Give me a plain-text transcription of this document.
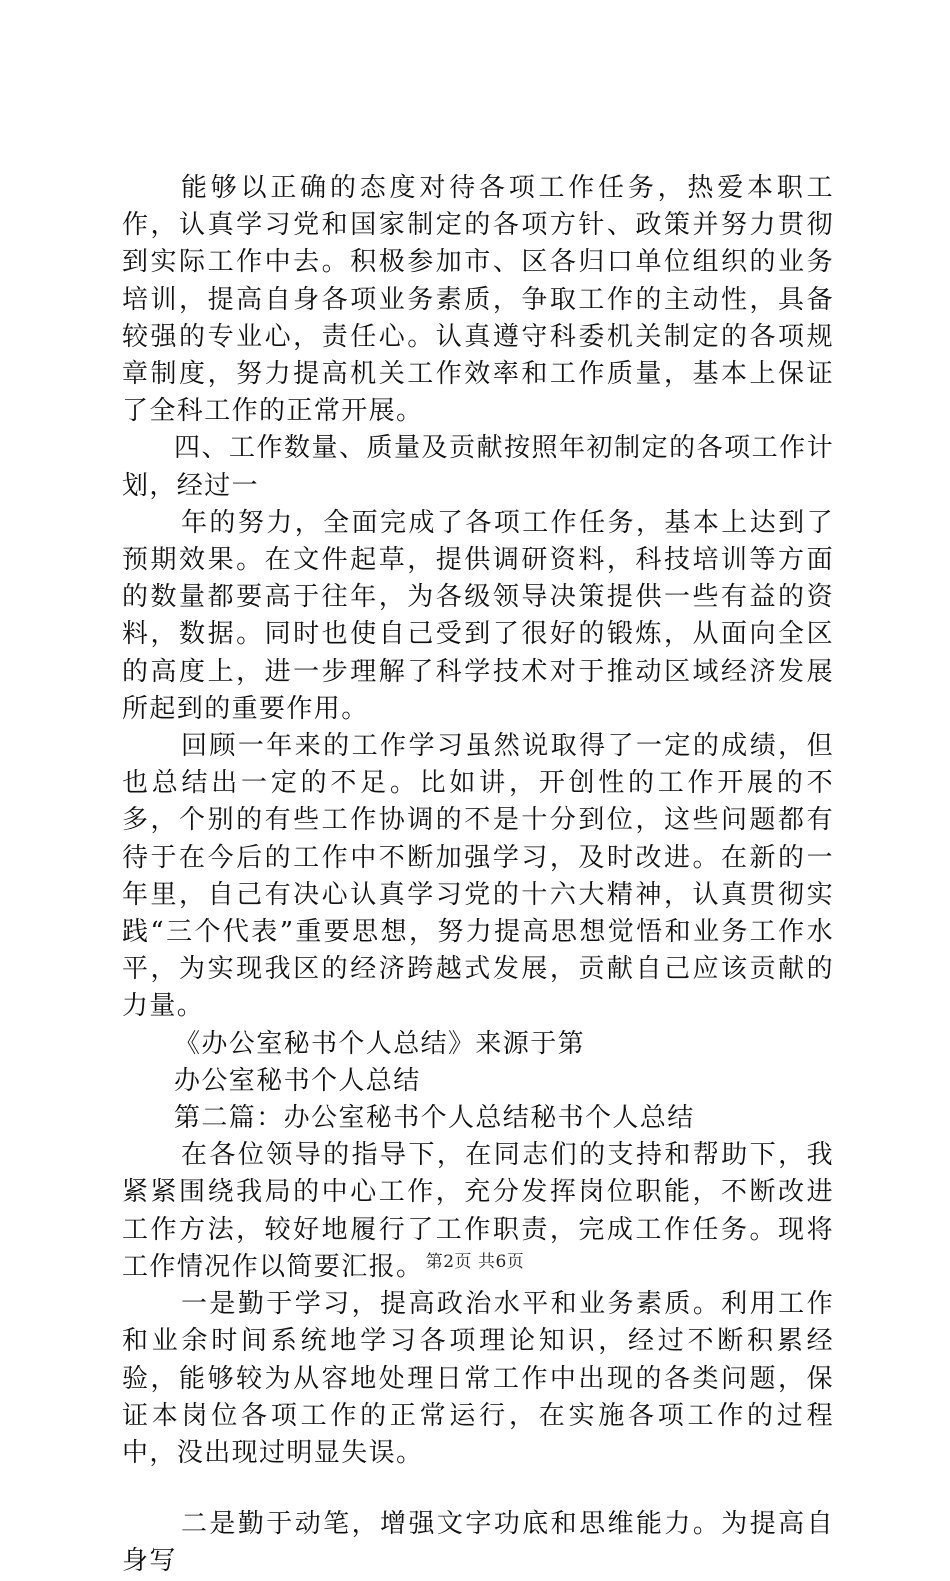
能够以正确的态度对待各项工作任务，热爱本职工作，认真学习党和国家制定的各项方针、政策并努力贯彻到实际工作中去。积极参加市、区各归口单位组织的业务培训，提高自身各项业务素质，争取工作的主动性，具备较强的专业心，责任心。认真遵守科委机关制定的各项规章制度，努力提高机关工作效率和工作质量，基本上保证了全科工作的正常开展。

四、工作数量、质量及贡献按照年初制定的各项工作计划，经过一

年的努力，全面完成了各项工作任务，基本上达到了预期效果。在文件起草，提供调研资料，科技培训等方面的数量都要高于往年，为各级领导决策提供一些有益的资料，数据。同时也使自己受到了很好的锻炼，从面向全区的高度上，进一步理解了科学技术对于推动区域经济发展所起到的重要作用。

回顾一年来的工作学习虽然说取得了一定的成绩，但也总结出一定的不足。比如讲，开创性的工作开展的不多，个别的有些工作协调的不是十分到位，这些问题都有待于在今后的工作中不断加强学习，及时改进。在新的一年里，自己有决心认真学习党的十六大精神，认真贯彻实践“三个代表”重要思想，努力提高思想觉悟和业务工作水平，为实现我区的经济跨越式发展，贡献自己应该贡献的力量。

《办公室秘书个人总结》来源于第

办公室秘书个人总结

第二篇：办公室秘书个人总结秘书个人总结

在各位领导的指导下，在同志们的支持和帮助下，我紧紧围绕我局的中心工作，充分发挥岗位职能，不断改进工作方法，较好地履行了工作职责，完成工作任务。现将工作情况作以简要汇报。

一是勤于学习，提高政治水平和业务素质。利用工作和业余时间系统地学习各项理论知识，经过不断积累经验，能够较为从容地处理日常工作中出现的各类问题，保证本岗位各项工作的正常运行，在实施各项工作的过程中，没出现过明显失误。

二是勤于动笔，增强文字功底和思维能力。为提高自身写

第2页 共6页
